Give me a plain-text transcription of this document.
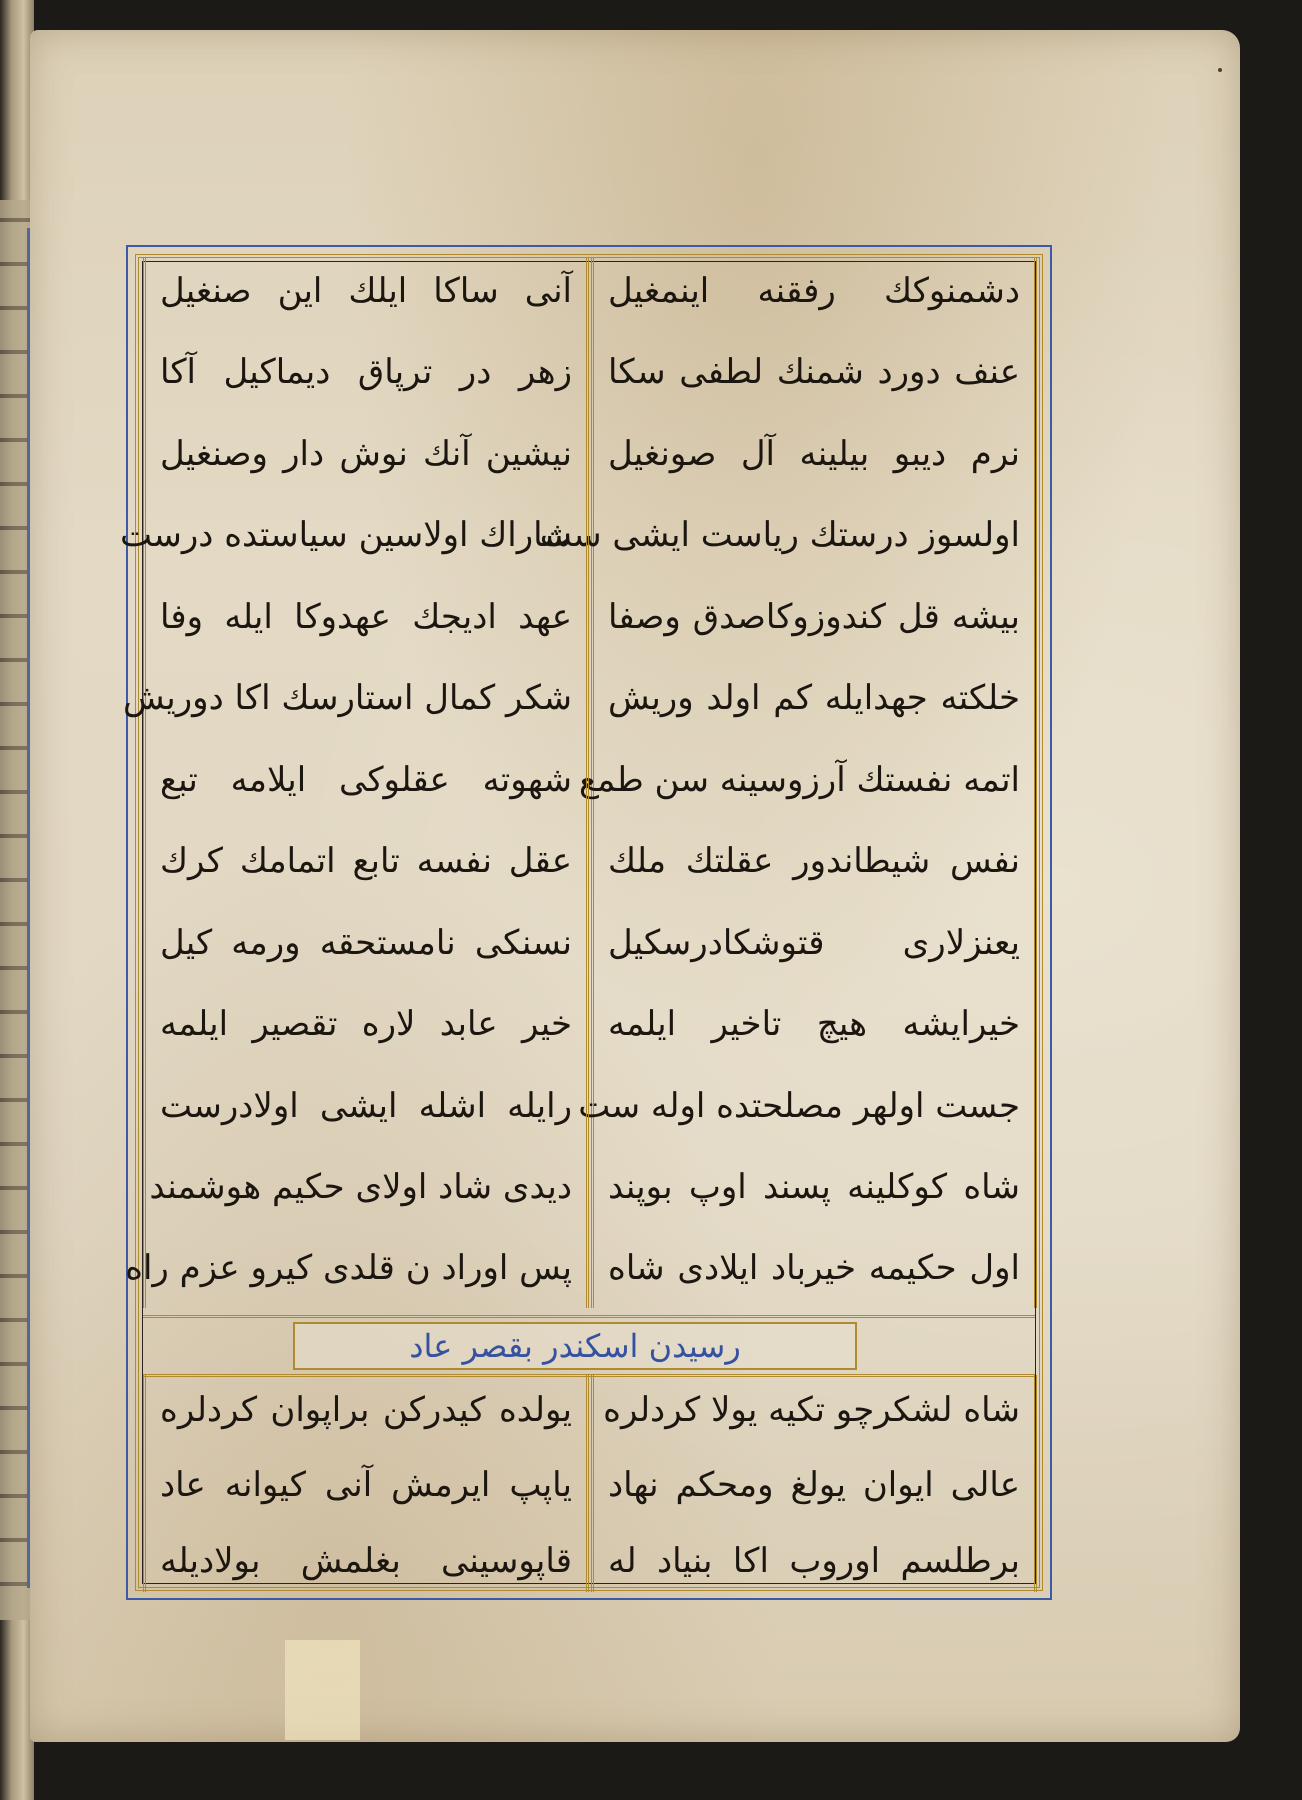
دشمنوكك رفقنه اینمغیل
عنف دورد شمنك لطفی سكا
نرم دیبو بیلینه آل صونغیل
اولسوز درستك ریاست ایشی ست
بیشه قل كندوزوكاصدق وصفا
خلكته جهدايله كم اولد وریش
اتمه نفستك آرزوسینه سن طمع
نفس شیطاندور عقلتك ملك
یعنزلاری قتوشكادرسكیل
خیرایشه هیچ تاخیر ایلمه
جست اولهر مصلحتده اوله ست
شاه كوكلینه پسند اوپ بوپند
اول حكیمه خیرباد ایلادی شاه
آنی ساكا ایلك این صنغیل
زهر در ترپاق دیماكیل آكا
نیشین آنك نوش دار وصنغیل
شاراك اولاسین سیاستده درست
عهد ادیجك عهدوكا ایله وفا
شكر كمال استارسك اكا دوریش
شهوته عقلوكی ایلامه تبع
عقل نفسه تابع اتمامك كرك
نسنكی نامستحقه ورمه كیل
خیر عابد لاره تقصیر ایلمه
رایله اشله ایشی اولادرست
دیدی شاد اولای حكیم هوشمند
پس اوراد ن قلدی كیرو عزم راه
رسیدن اسکندر بقصر عاد
شاه لشكرچو تكیه یولا كردلره
عالی ایوان یولغ ومحكم نهاد
برطلسم اوروب اكا بنیاد له
یولده كیدركن براپوان كردلره
یاپپ ایرمش آنی كیوانه عاد
قاپوسینی بغلمش بولادیله
